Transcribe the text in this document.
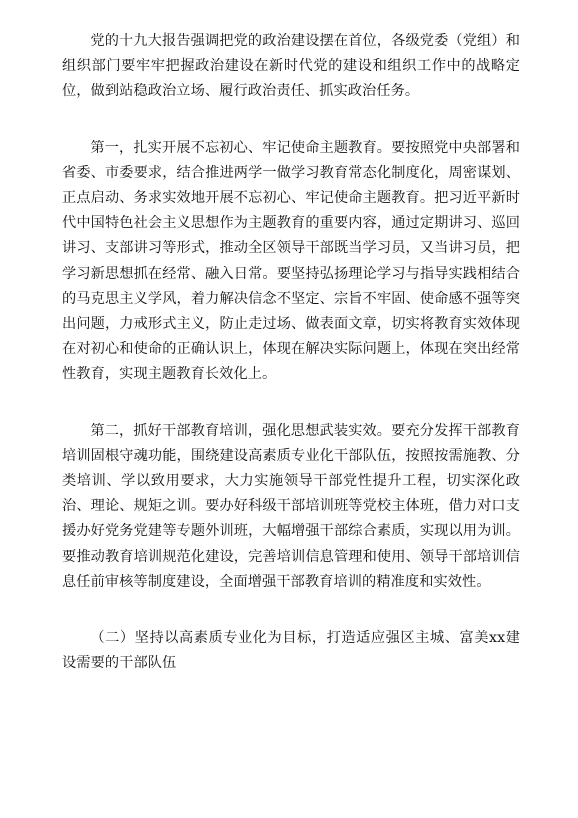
党的十九大报告强调把党的政治建设摆在首位，各级党委（党组）和组织部门要牢牢把握政治建设在新时代党的建设和组织工作中的战略定位，做到站稳政治立场、履行政治责任、抓实政治任务。

第一，扎实开展不忘初心、牢记使命主题教育。要按照党中央部署和省委、市委要求，结合推进两学一做学习教育常态化制度化，周密谋划、正点启动、务求实效地开展不忘初心、牢记使命主题教育。把习近平新时代中国特色社会主义思想作为主题教育的重要内容，通过定期讲习、巡回讲习、支部讲习等形式，推动全区领导干部既当学习员，又当讲习员，把学习新思想抓在经常、融入日常。要坚持弘扬理论学习与指导实践相结合的马克思主义学风，着力解决信念不坚定、宗旨不牢固、使命感不强等突出问题，力戒形式主义，防止走过场、做表面文章，切实将教育实效体现在对初心和使命的正确认识上，体现在解决实际问题上，体现在突出经常性教育，实现主题教育长效化上。

第二，抓好干部教育培训，强化思想武装实效。要充分发挥干部教育培训固根守魂功能，围绕建设高素质专业化干部队伍，按照按需施教、分类培训、学以致用要求，大力实施领导干部党性提升工程，切实深化政治、理论、规矩之训。要办好科级干部培训班等党校主体班，借力对口支援办好党务党建等专题外训班，大幅增强干部综合素质，实现以用为训。要推动教育培训规范化建设，完善培训信息管理和使用、领导干部培训信息任前审核等制度建设，全面增强干部教育培训的精准度和实效性。

（二）坚持以高素质专业化为目标，打造适应强区主城、富美xx建设需要的干部队伍
